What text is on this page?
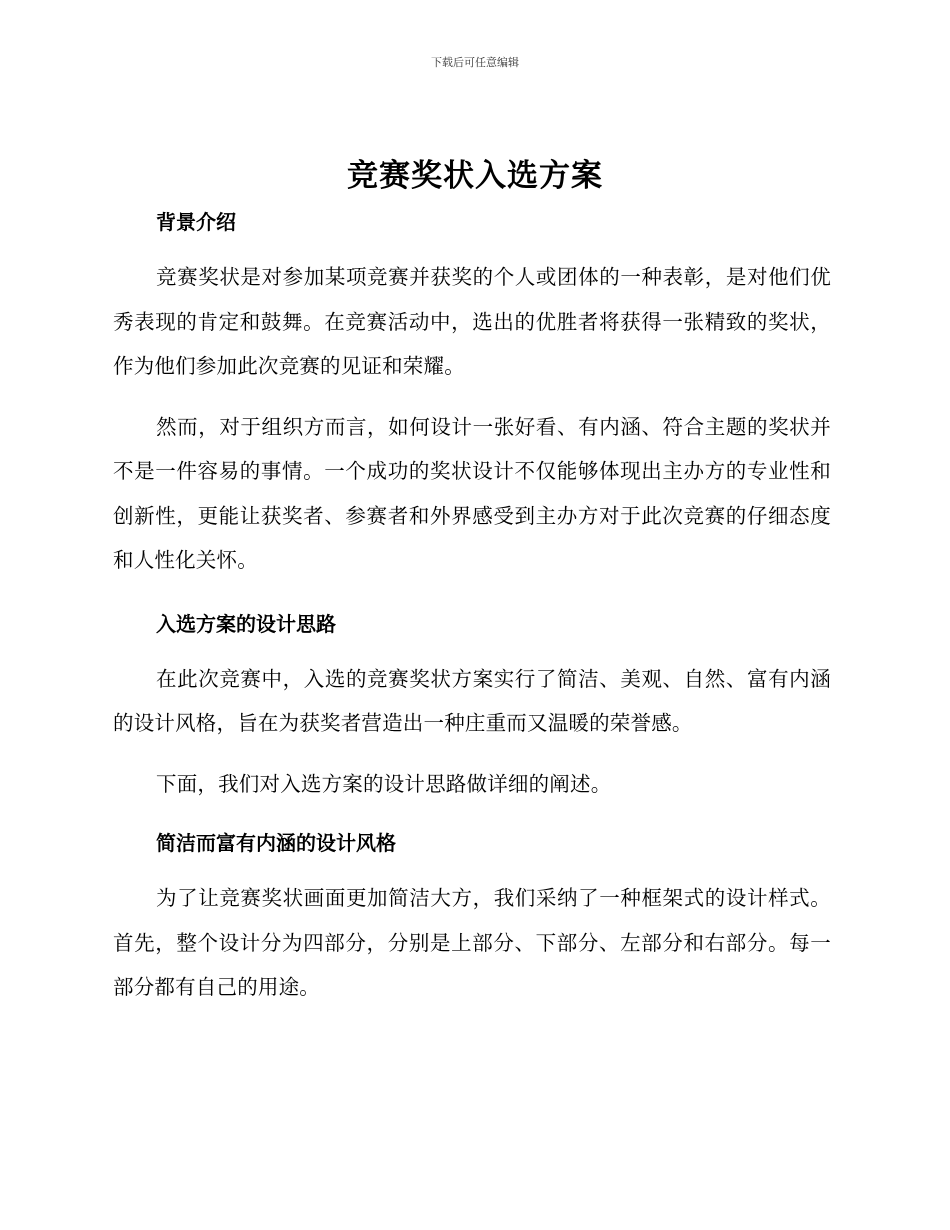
下载后可任意编辑
竞赛奖状入选方案
背景介绍

竞赛奖状是对参加某项竞赛并获奖的个人或团体的一种表彰，是对他们优秀表现的肯定和鼓舞。在竞赛活动中，选出的优胜者将获得一张精致的奖状，作为他们参加此次竞赛的见证和荣耀。

然而，对于组织方而言，如何设计一张好看、有内涵、符合主题的奖状并不是一件容易的事情。一个成功的奖状设计不仅能够体现出主办方的专业性和创新性，更能让获奖者、参赛者和外界感受到主办方对于此次竞赛的仔细态度和人性化关怀。

入选方案的设计思路

在此次竞赛中，入选的竞赛奖状方案实行了简洁、美观、自然、富有内涵的设计风格，旨在为获奖者营造出一种庄重而又温暖的荣誉感。

下面，我们对入选方案的设计思路做详细的阐述。

简洁而富有内涵的设计风格

为了让竞赛奖状画面更加简洁大方，我们采纳了一种框架式的设计样式。首先，整个设计分为四部分，分别是上部分、下部分、左部分和右部分。每一部分都有自己的用途。
